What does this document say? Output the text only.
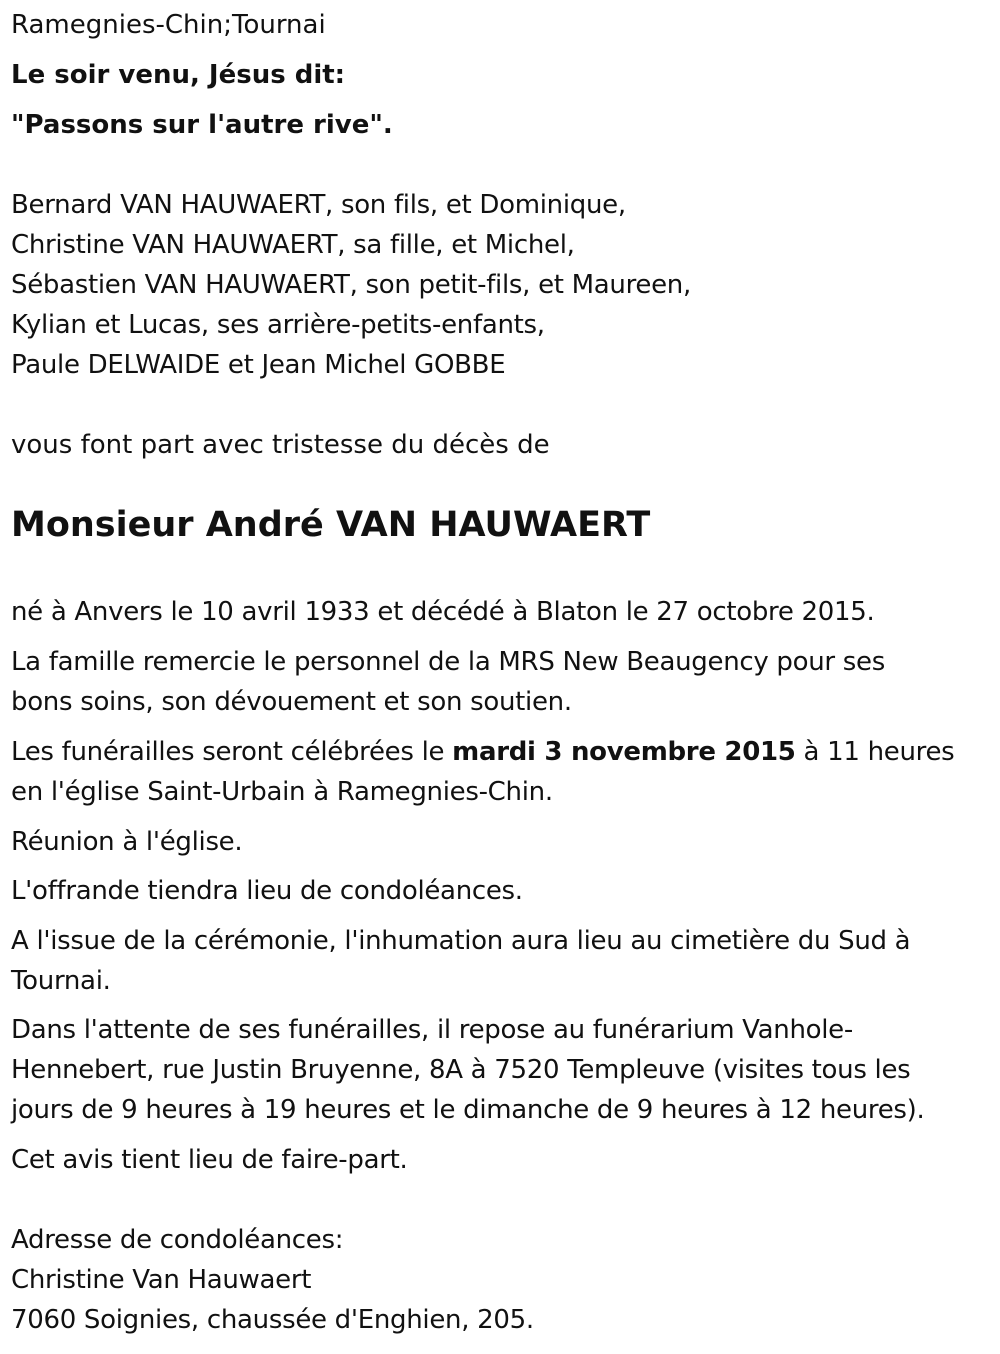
Ramegnies-Chin;Tournai
Le soir venu, Jésus dit:
"Passons sur l'autre rive".
Bernard VAN HAUWAERT, son fils, et Dominique,
Christine VAN HAUWAERT, sa fille, et Michel,
Sébastien VAN HAUWAERT, son petit-fils, et Maureen,
Kylian et Lucas, ses arrière-petits-enfants,
Paule DELWAIDE et Jean Michel GOBBE
vous font part avec tristesse du décès de
Monsieur André VAN HAUWAERT
né à Anvers le 10 avril 1933 et décédé à Blaton le 27 octobre 2015.
La famille remercie le personnel de la MRS New Beaugency pour ses
bons soins, son dévouement et son soutien.
Les funérailles seront célébrées le mardi 3 novembre 2015 à 11 heures
en l'église Saint-Urbain à Ramegnies-Chin.
Réunion à l'église.
L'offrande tiendra lieu de condoléances.
A l'issue de la cérémonie, l'inhumation aura lieu au cimetière du Sud à
Tournai.
Dans l'attente de ses funérailles, il repose au funérarium Vanhole-
Hennebert, rue Justin Bruyenne, 8A à 7520 Templeuve (visites tous les
jours de 9 heures à 19 heures et le dimanche de 9 heures à 12 heures).
Cet avis tient lieu de faire-part.
Adresse de condoléances:
Christine Van Hauwaert
7060 Soignies, chaussée d'Enghien, 205.
